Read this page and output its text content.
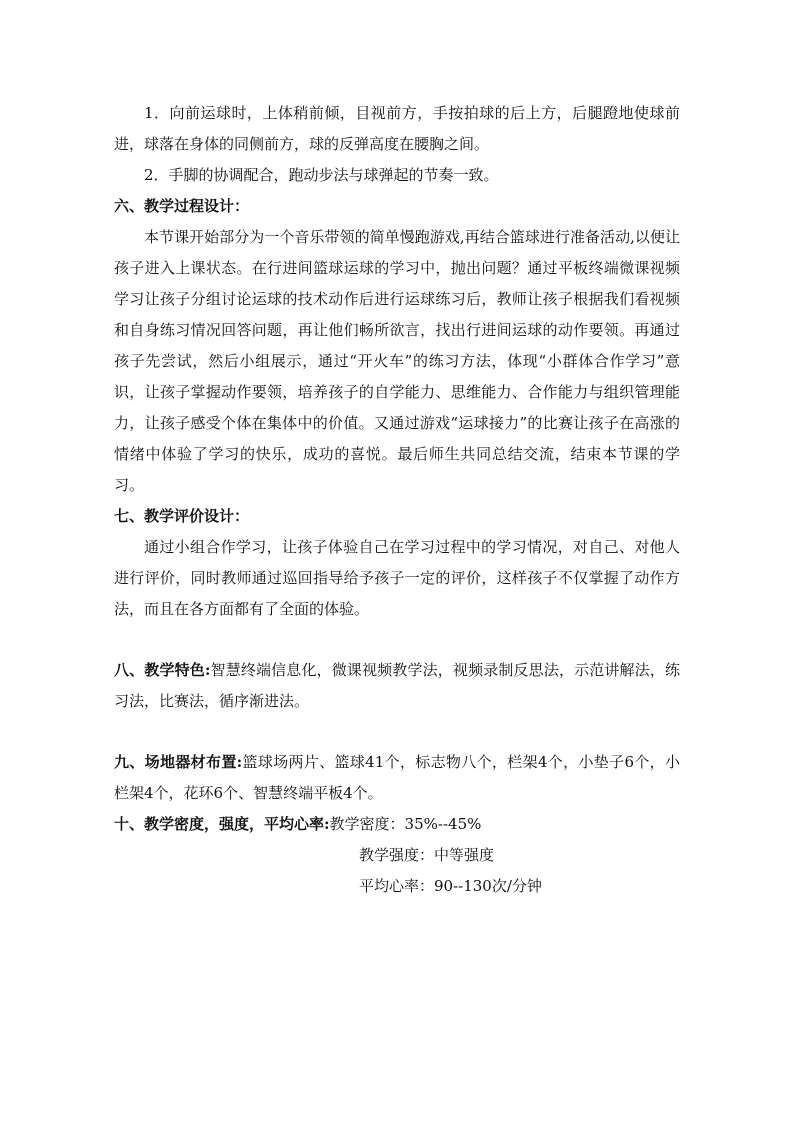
1．向前运球时，上体稍前倾，目视前方，手按拍球的后上方，后腿蹬地使球前进，球落在身体的同侧前方，球的反弹高度在腰胸之间。

2．手脚的协调配合，跑动步法与球弹起的节奏一致。

六、教学过程设计：

本节课开始部分为一个音乐带领的简单慢跑游戏,再结合篮球进行准备活动,以便让孩子进入上课状态。在行进间篮球运球的学习中，抛出问题？通过平板终端微课视频学习让孩子分组讨论运球的技术动作后进行运球练习后，教师让孩子根据我们看视频和自身练习情况回答问题，再让他们畅所欲言，找出行进间运球的动作要领。再通过孩子先尝试，然后小组展示，通过“开火车”的练习方法，体现“小群体合作学习”意识，让孩子掌握动作要领，培养孩子的自学能力、思维能力、合作能力与组织管理能力，让孩子感受个体在集体中的价值。又通过游戏“运球接力”的比赛让孩子在高涨的情绪中体验了学习的快乐，成功的喜悦。最后师生共同总结交流，结束本节课的学习。

七、教学评价设计：

通过小组合作学习，让孩子体验自己在学习过程中的学习情况，对自己、对他人进行评价，同时教师通过巡回指导给予孩子一定的评价，这样孩子不仅掌握了动作方法，而且在各方面都有了全面的体验。

八、教学特色:智慧终端信息化，微课视频教学法，视频录制反思法，示范讲解法，练习法，比赛法，循序渐进法。

九、场地器材布置:篮球场两片、篮球41个，标志物八个，栏架4个，小垫子6个，小栏架4个，花环6个、智慧终端平板4个。

十、教学密度，强度，平均心率: 教学密度：35%--45%

教学强度：中等强度

平均心率：90--130次/分钟
